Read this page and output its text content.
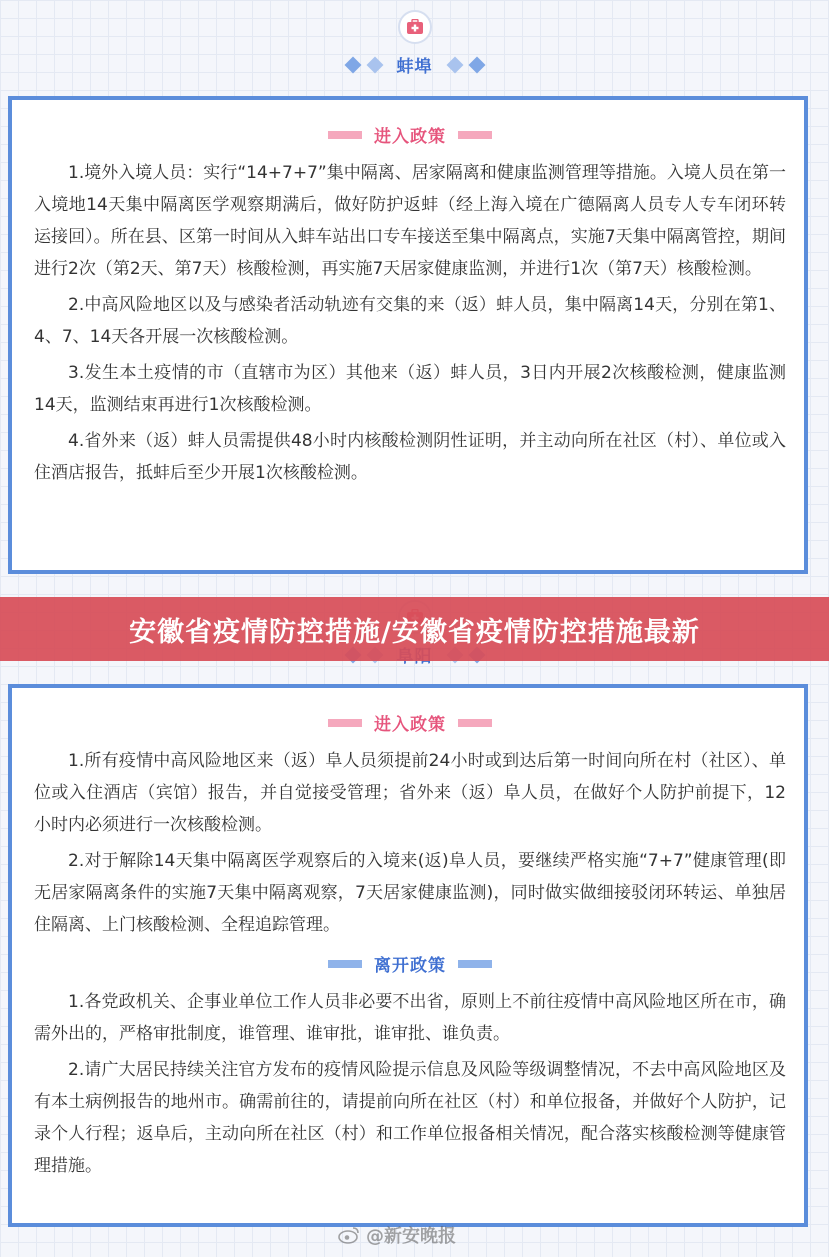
蚌埠
进入政策

1.境外入境人员：实行“14+7+7”集中隔离、居家隔离和健康监测管理等措施。入境人员在第一入境地14天集中隔离医学观察期满后，做好防护返蚌（经上海入境在广德隔离人员专人专车闭环转运接回）。所在县、区第一时间从入蚌车站出口专车接送至集中隔离点，实施7天集中隔离管控，期间进行2次（第2天、第7天）核酸检测，再实施7天居家健康监测，并进行1次（第7天）核酸检测。

2.中高风险地区以及与感染者活动轨迹有交集的来（返）蚌人员，集中隔离14天，分别在第1、4、7、14天各开展一次核酸检测。

3.发生本土疫情的市（直辖市为区）其他来（返）蚌人员，3日内开展2次核酸检测，健康监测14天，监测结束再进行1次核酸检测。

4.省外来（返）蚌人员需提供48小时内核酸检测阴性证明，并主动向所在社区（村）、单位或入住酒店报告，抵蚌后至少开展1次核酸检测。

进入政策

1.所有疫情中高风险地区来（返）阜人员须提前24小时或到达后第一时间向所在村（社区）、单位或入住酒店（宾馆）报告，并自觉接受管理；省外来（返）阜人员，在做好个人防护前提下，12小时内必须进行一次核酸检测。

2.对于解除14天集中隔离医学观察后的入境来(返)阜人员，要继续严格实施“7+7”健康管理(即无居家隔离条件的实施7天集中隔离观察，7天居家健康监测)，同时做实做细接驳闭环转运、单独居住隔离、上门核酸检测、全程追踪管理。

离开政策

1.各党政机关、企事业单位工作人员非必要不出省，原则上不前往疫情中高风险地区所在市，确需外出的，严格审批制度，谁管理、谁审批，谁审批、谁负责。

2.请广大居民持续关注官方发布的疫情风险提示信息及风险等级调整情况，不去中高风险地区及有本土病例报告的地州市。确需前往的，请提前向所在社区（村）和单位报备，并做好个人防护，记录个人行程；返阜后，主动向所在社区（村）和工作单位报备相关情况，配合落实核酸检测等健康管理措施。

安徽省疫情防控措施/安徽省疫情防控措施最新
@新安晚报
